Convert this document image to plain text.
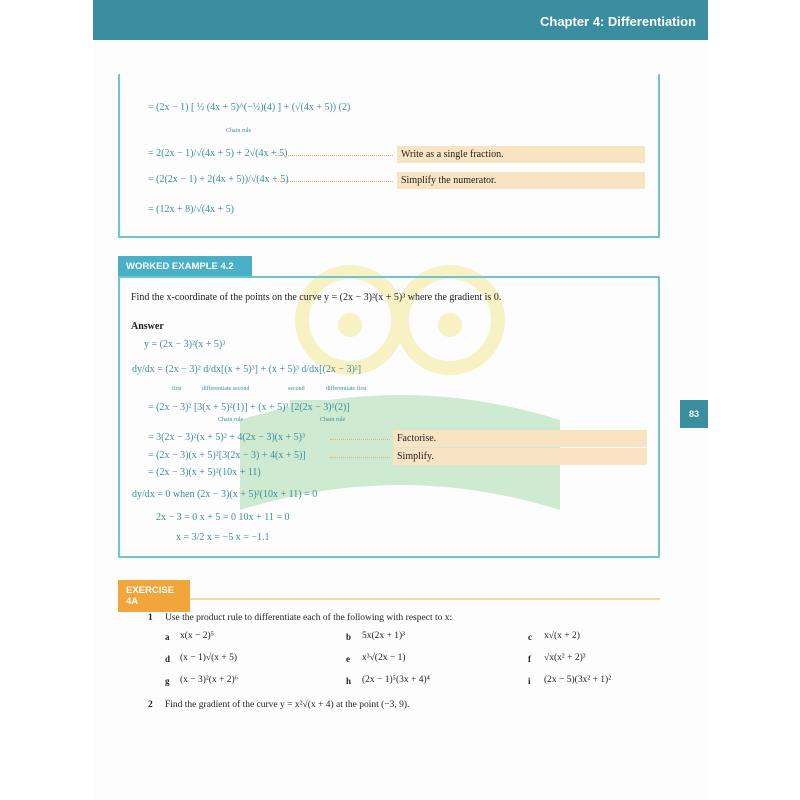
Chapter 4: Differentiation
83
= (2x − 1) [ ½ (4x + 5)^(−½)(4) ] + (√(4x + 5)) (2)
Chain rule
= 2(2x − 1)/√(4x + 5) + 2√(4x + 5)	Write as a single fraction.
= (2(2x − 1) + 2(4x + 5))/√(4x + 5)	Simplify the numerator.
= (12x + 8)/√(4x + 5)
WORKED EXAMPLE 4.2
Find the x-coordinate of the points on the curve y = (2x − 3)²(x + 5)³ where the gradient is 0.
Answer
y = (2x − 3)²(x + 5)³
dy/dx = (2x − 3)² d/dx[(x + 5)³] + (x + 5)³ d/dx[(2x − 3)²]
first	differentiate second	second	differentiate first
= (2x − 3)² [3(x + 5)²(1)] + (x + 5)³ [2(2x − 3)¹(2)]
Chain rule	Chain rule
= 3(2x − 3)²(x + 5)² + 4(2x − 3)(x + 5)³	Factorise.
= (2x − 3)(x + 5)²[3(2x − 3) + 4(x + 5)]	Simplify.
= (2x − 3)(x + 5)²(10x + 11)
dy/dx = 0 when (2x − 3)(x + 5)²(10x + 11) = 0
2x − 3 = 0 x + 5 = 0 10x + 11 = 0
x = 3/2 x = −5 x = −1.1
EXERCISE 4A
1 Use the product rule to differentiate each of the following with respect to x:
a x(x − 2)⁵	b 5x(2x + 1)³	c x√(x + 2)
d (x − 1)√(x + 5)	e x³√(2x − 1)	f √x(x² + 2)³
g (x − 3)²(x + 2)⁶	h (2x − 1)⁵(3x + 4)⁴	i (2x − 5)(3x² + 1)²
2 Find the gradient of the curve y = x²√(x + 4) at the point (−3, 9).
